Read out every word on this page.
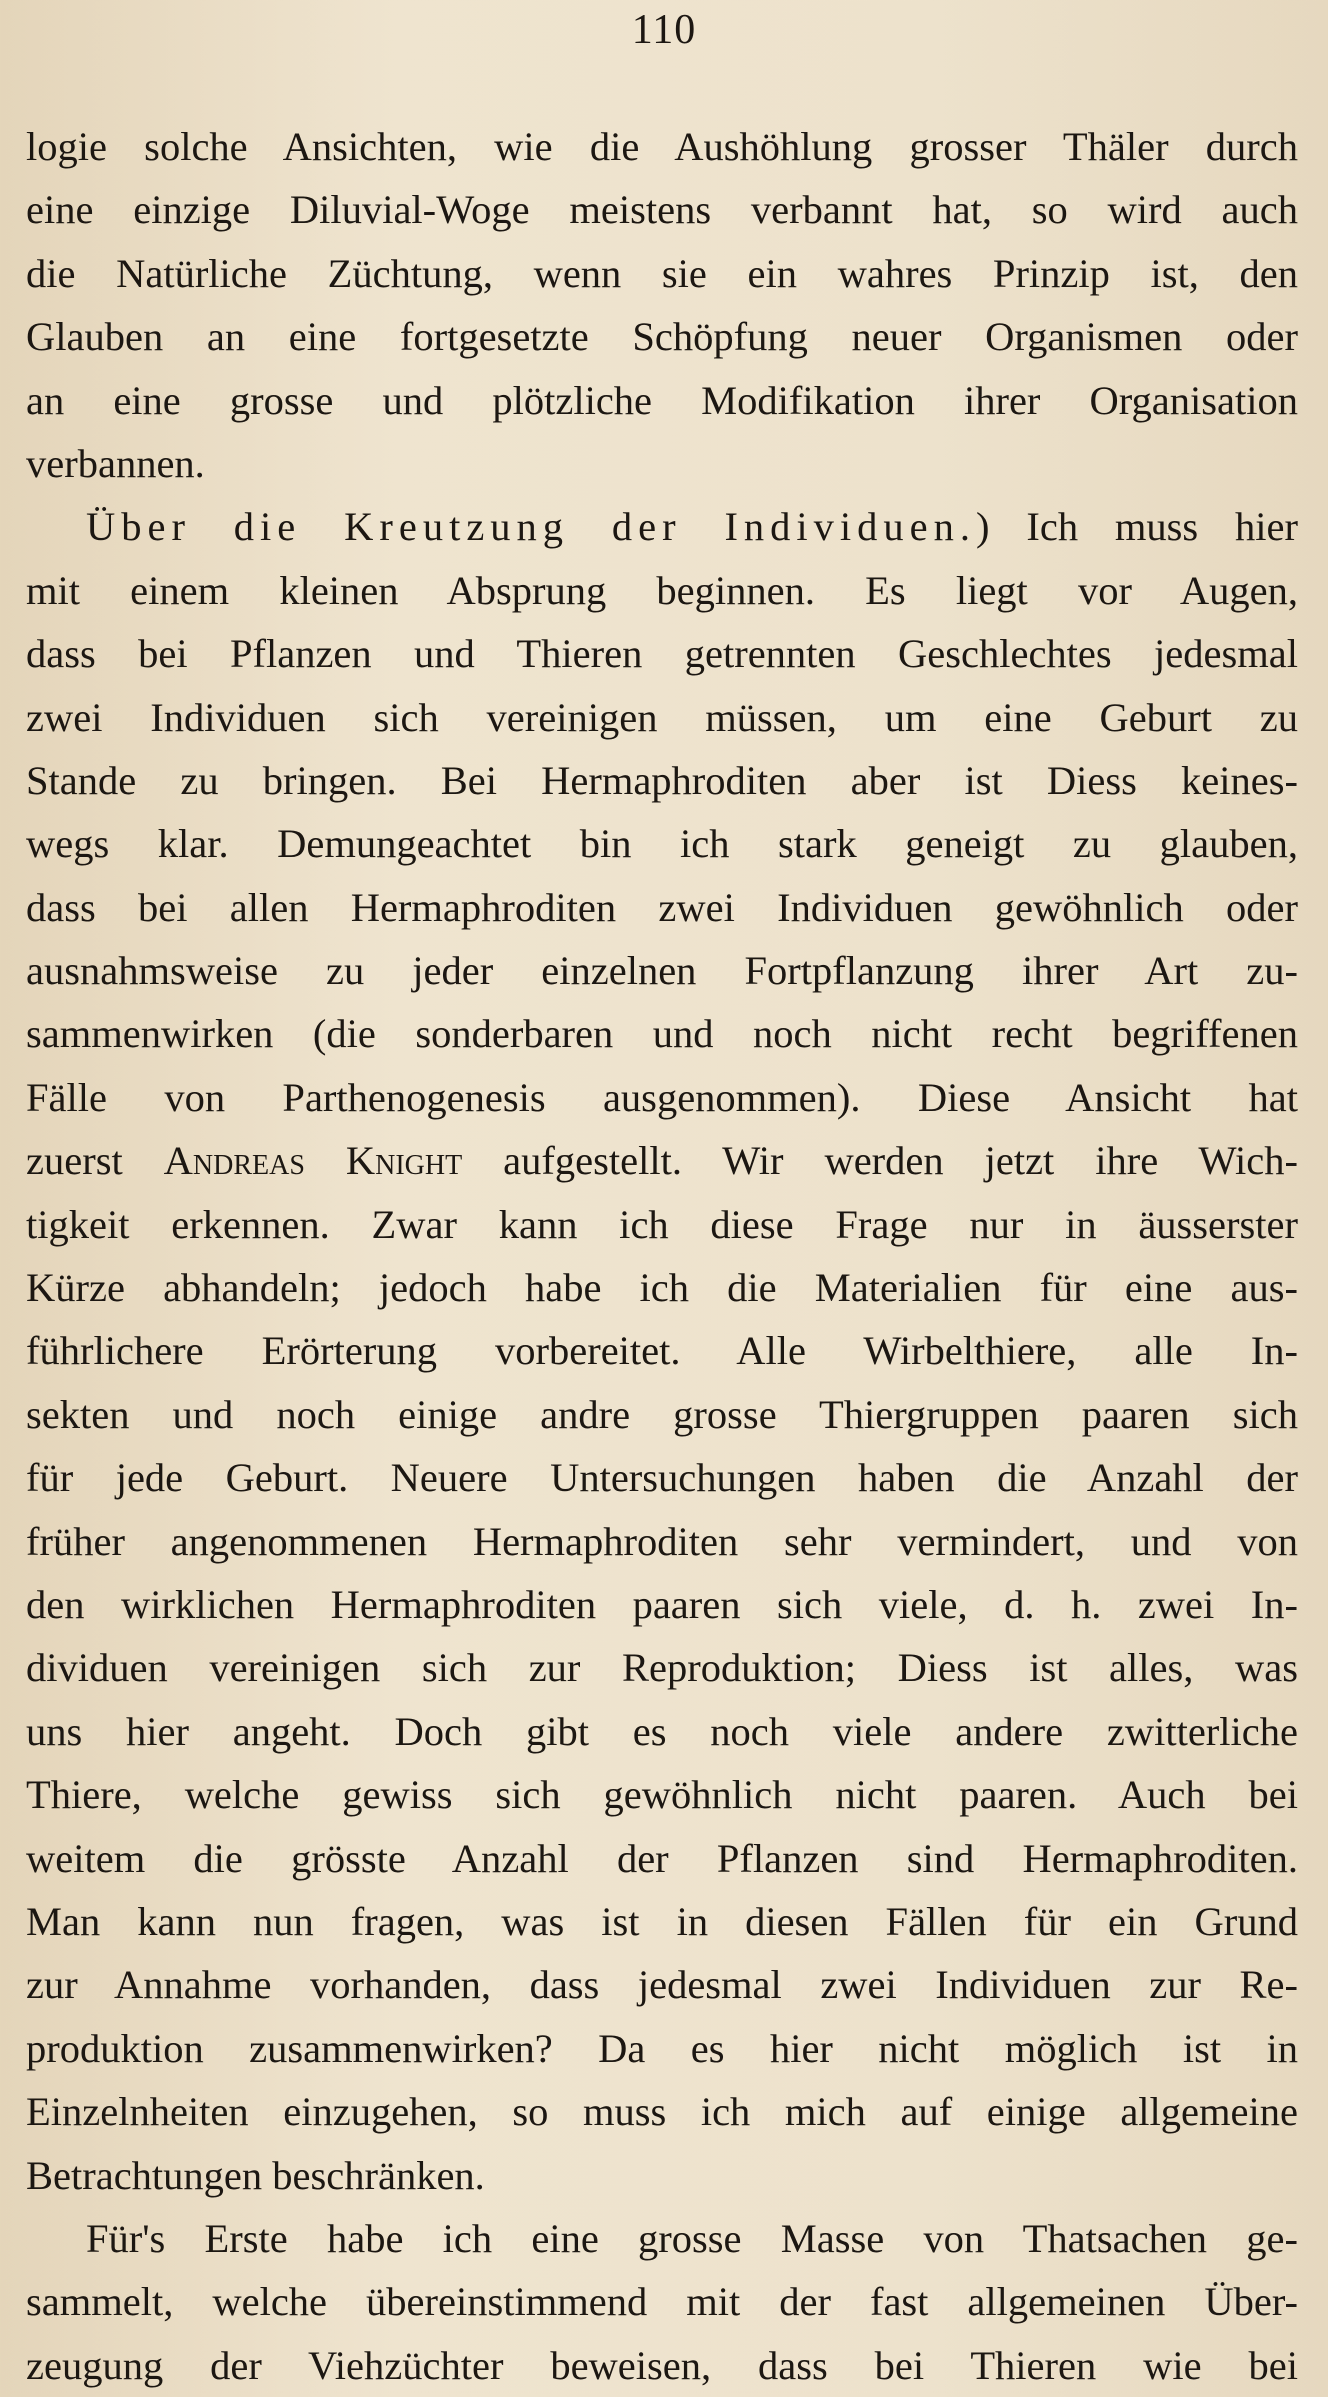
110
logie solche Ansichten, wie die Aushöhlung grosser Thäler durch
eine einzige Diluvial-Woge meistens verbannt hat, so wird auch
die Natürliche Züchtung, wenn sie ein wahres Prinzip ist, den
Glauben an eine fortgesetzte Schöpfung neuer Organismen oder
an eine grosse und plötzliche Modifikation ihrer Organisation
verbannen.
Über die Kreutzung der Individuen.) Ich muss hier
mit einem kleinen Absprung beginnen. Es liegt vor Augen,
dass bei Pflanzen und Thieren getrennten Geschlechtes jedesmal
zwei Individuen sich vereinigen müssen, um eine Geburt zu
Stande zu bringen. Bei Hermaphroditen aber ist Diess keines-
wegs klar. Demungeachtet bin ich stark geneigt zu glauben,
dass bei allen Hermaphroditen zwei Individuen gewöhnlich oder
ausnahmsweise zu jeder einzelnen Fortpflanzung ihrer Art zu-
sammenwirken (die sonderbaren und noch nicht recht begriffenen
Fälle von Parthenogenesis ausgenommen). Diese Ansicht hat
zuerst Andreas Knight aufgestellt. Wir werden jetzt ihre Wich-
tigkeit erkennen. Zwar kann ich diese Frage nur in äusserster
Kürze abhandeln; jedoch habe ich die Materialien für eine aus-
führlichere Erörterung vorbereitet. Alle Wirbelthiere, alle In-
sekten und noch einige andre grosse Thiergruppen paaren sich
für jede Geburt. Neuere Untersuchungen haben die Anzahl der
früher angenommenen Hermaphroditen sehr vermindert, und von
den wirklichen Hermaphroditen paaren sich viele, d. h. zwei In-
dividuen vereinigen sich zur Reproduktion; Diess ist alles, was
uns hier angeht. Doch gibt es noch viele andere zwitterliche
Thiere, welche gewiss sich gewöhnlich nicht paaren. Auch bei
weitem die grösste Anzahl der Pflanzen sind Hermaphroditen.
Man kann nun fragen, was ist in diesen Fällen für ein Grund
zur Annahme vorhanden, dass jedesmal zwei Individuen zur Re-
produktion zusammenwirken? Da es hier nicht möglich ist in
Einzelnheiten einzugehen, so muss ich mich auf einige allgemeine
Betrachtungen beschränken.
Für's Erste habe ich eine grosse Masse von Thatsachen ge-
sammelt, welche übereinstimmend mit der fast allgemeinen Über-
zeugung der Viehzüchter beweisen, dass bei Thieren wie bei
